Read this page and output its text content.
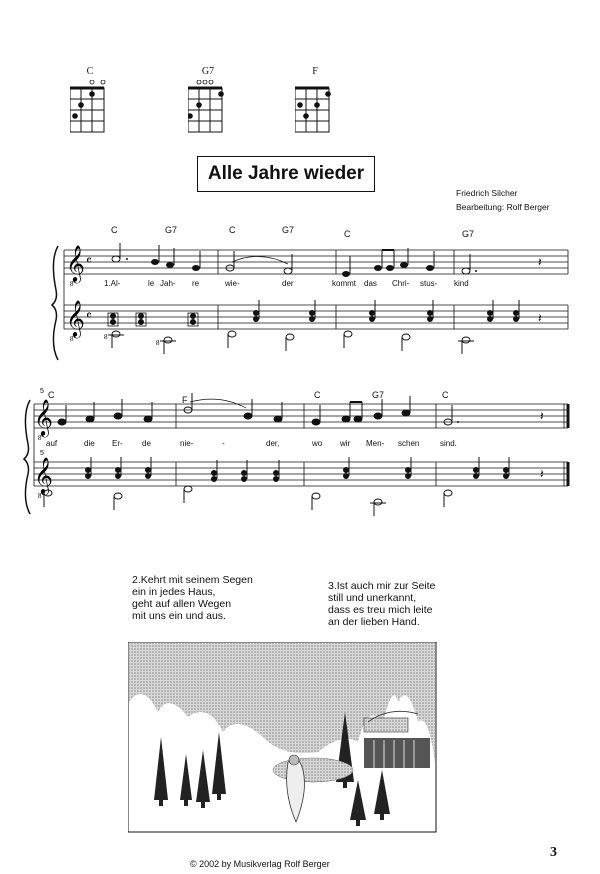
C	G7	F
Alle Jahre wieder
Friedrich Silcher
Bearbeitung: Rolf Berger
𝄞
𝄞
8
8
𝄴
𝄴
𝄽
𝄽
8
8
C	G7	C	G7	C	G7
1.Al-	le Jah- re	wie-	der	kommt das Chri- stus- kind
𝄞
𝄞
8
8
𝄽
𝄽
5
5
C	F	C	G7	C
auf	die Er- de	nie-	-	der,	wo wir Men- schen	sind.
2.Kehrt mit seinem Segen
ein in jedes Haus,
geht auf allen Wegen
mit uns ein und aus.
3.Ist auch mir zur Seite
still und unerkannt,
dass es treu mich leite
an der lieben Hand.
© 2002 by Musikverlag Rolf Berger
3
